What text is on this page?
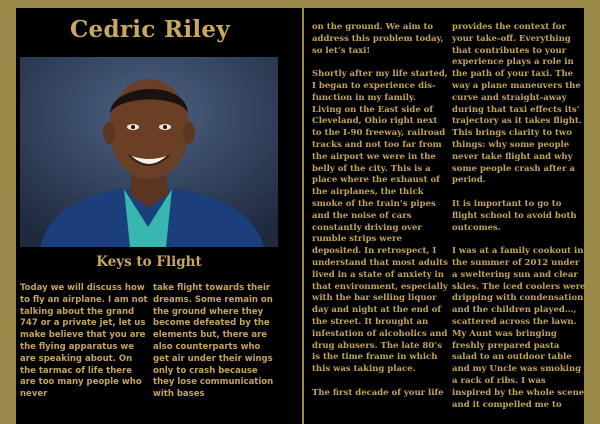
Cedric Riley
Keys to Flight

Today we will discuss how to fly an airplane. I am not talking about the grand 747 or a private jet, let us make believe that you are the flying apparatus we are speaking about. On the tarmac of life there are too many people who never

take flight towards their dreams. Some remain on the ground where they become defeated by the elements but, there are also counterparts who get air under their wings only to crash because they lose communication with bases

on the ground. We aim to address this problem today, so let’s taxi!

Shortly after my life started, I began to experience dis-function in my family. Living on the East side of Cleveland, Ohio right next to the I-90 freeway, railroad tracks and not too far from the airport we were in the belly of the city. This is a place where the exhaust of the airplanes, the thick smoke of the train’s pipes and the noise of cars constantly driving over rumble strips were deposited. In retrospect, I understand that most adults lived in a state of anxiety in that environment, especially with the bar selling liquor day and night at the end of the street. It brought an infestation of alcoholics and drug abusers. The late 80’s is the time frame in which this was taking place.

The first decade of your life

provides the context for your take-off. Everything that contributes to your experience plays a role in the path of your taxi. The way a plane maneuvers the curve and straight-away during that taxi effects its’ trajectory as it takes flight. This brings clarity to two things: why some people never take flight and why some people crash after a period.

It is important to go to flight school to avoid both outcomes.

I was at a family cookout in the summer of 2012 under a sweltering sun and clear skies. The iced coolers were dripping with condensation and the children played…, scattered across the lawn. My Aunt was bringing freshly prepared pasta salad to an outdoor table and my Uncle was smoking a rack of ribs. I was inspired by the whole scene and it compelled me to
